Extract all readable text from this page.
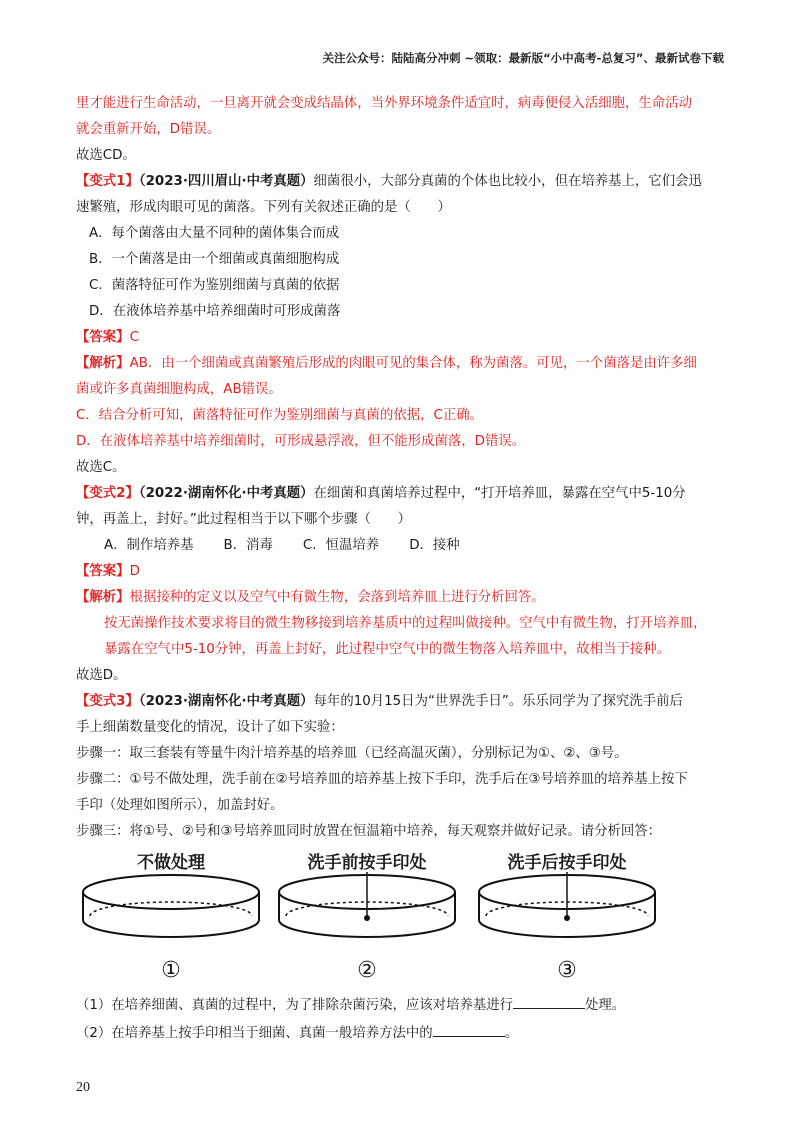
关注公众号：陆陆高分冲刺 ~领取：最新版“小中高考-总复习”、最新试卷下载
里才能进行生命活动，一旦离开就会变成结晶体，当外界环境条件适宜时，病毒便侵入活细胞，生命活动
就会重新开始，D错误。
故选CD。
【变式1】（2023·四川眉山·中考真题）细菌很小，大部分真菌的个体也比较小，但在培养基上，它们会迅
速繁殖，形成肉眼可见的菌落。下列有关叙述正确的是（　　）
A．每个菌落由大量不同种的菌体集合而成
B．一个菌落是由一个细菌或真菌细胞构成
C．菌落特征可作为鉴别细菌与真菌的依据
D．在液体培养基中培养细菌时可形成菌落
【答案】C
【解析】AB．由一个细菌或真菌繁殖后形成的肉眼可见的集合体，称为菌落。可见，一个菌落是由许多细
菌或许多真菌细胞构成，AB错误。
C．结合分析可知，菌落特征可作为鉴别细菌与真菌的依据，C正确。
D．在液体培养基中培养细菌时，可形成悬浮液，但不能形成菌落，D错误。
故选C。
【变式2】（2022·湖南怀化·中考真题）在细菌和真菌培养过程中，“打开培养皿，暴露在空气中5-10分
钟，再盖上，封好。”此过程相当于以下哪个步骤（　　）
A．制作培养基 B．消毒 C．恒温培养 D．接种
【答案】D
【解析】根据接种的定义以及空气中有微生物，会落到培养皿上进行分析回答。
按无菌操作技术要求将目的微生物移接到培养基质中的过程叫做接种。空气中有微生物，打开培养皿，
暴露在空气中5-10分钟，再盖上封好，此过程中空气中的微生物落入培养皿中，故相当于接种。
故选D。
【变式3】（2023·湖南怀化·中考真题）每年的10月15日为“世界洗手日”。乐乐同学为了探究洗手前后
手上细菌数量变化的情况，设计了如下实验：
步骤一：取三套装有等量牛肉汁培养基的培养皿（已经高温灭菌），分别标记为①、②、③号。
步骤二：①号不做处理，洗手前在②号培养皿的培养基上按下手印，洗手后在③号培养皿的培养基上按下
手印（处理如图所示），加盖封好。
步骤三：将①号、②号和③号培养皿同时放置在恒温箱中培养，每天观察并做好记录。请分析回答：
不做处理
①
洗手前按手印处
②
洗手后按手印处
③
（1）在培养细菌、真菌的过程中，为了排除杂菌污染，应该对培养基进行	处理。
（2）在培养基上按手印相当于细菌、真菌一般培养方法中的	。
20
